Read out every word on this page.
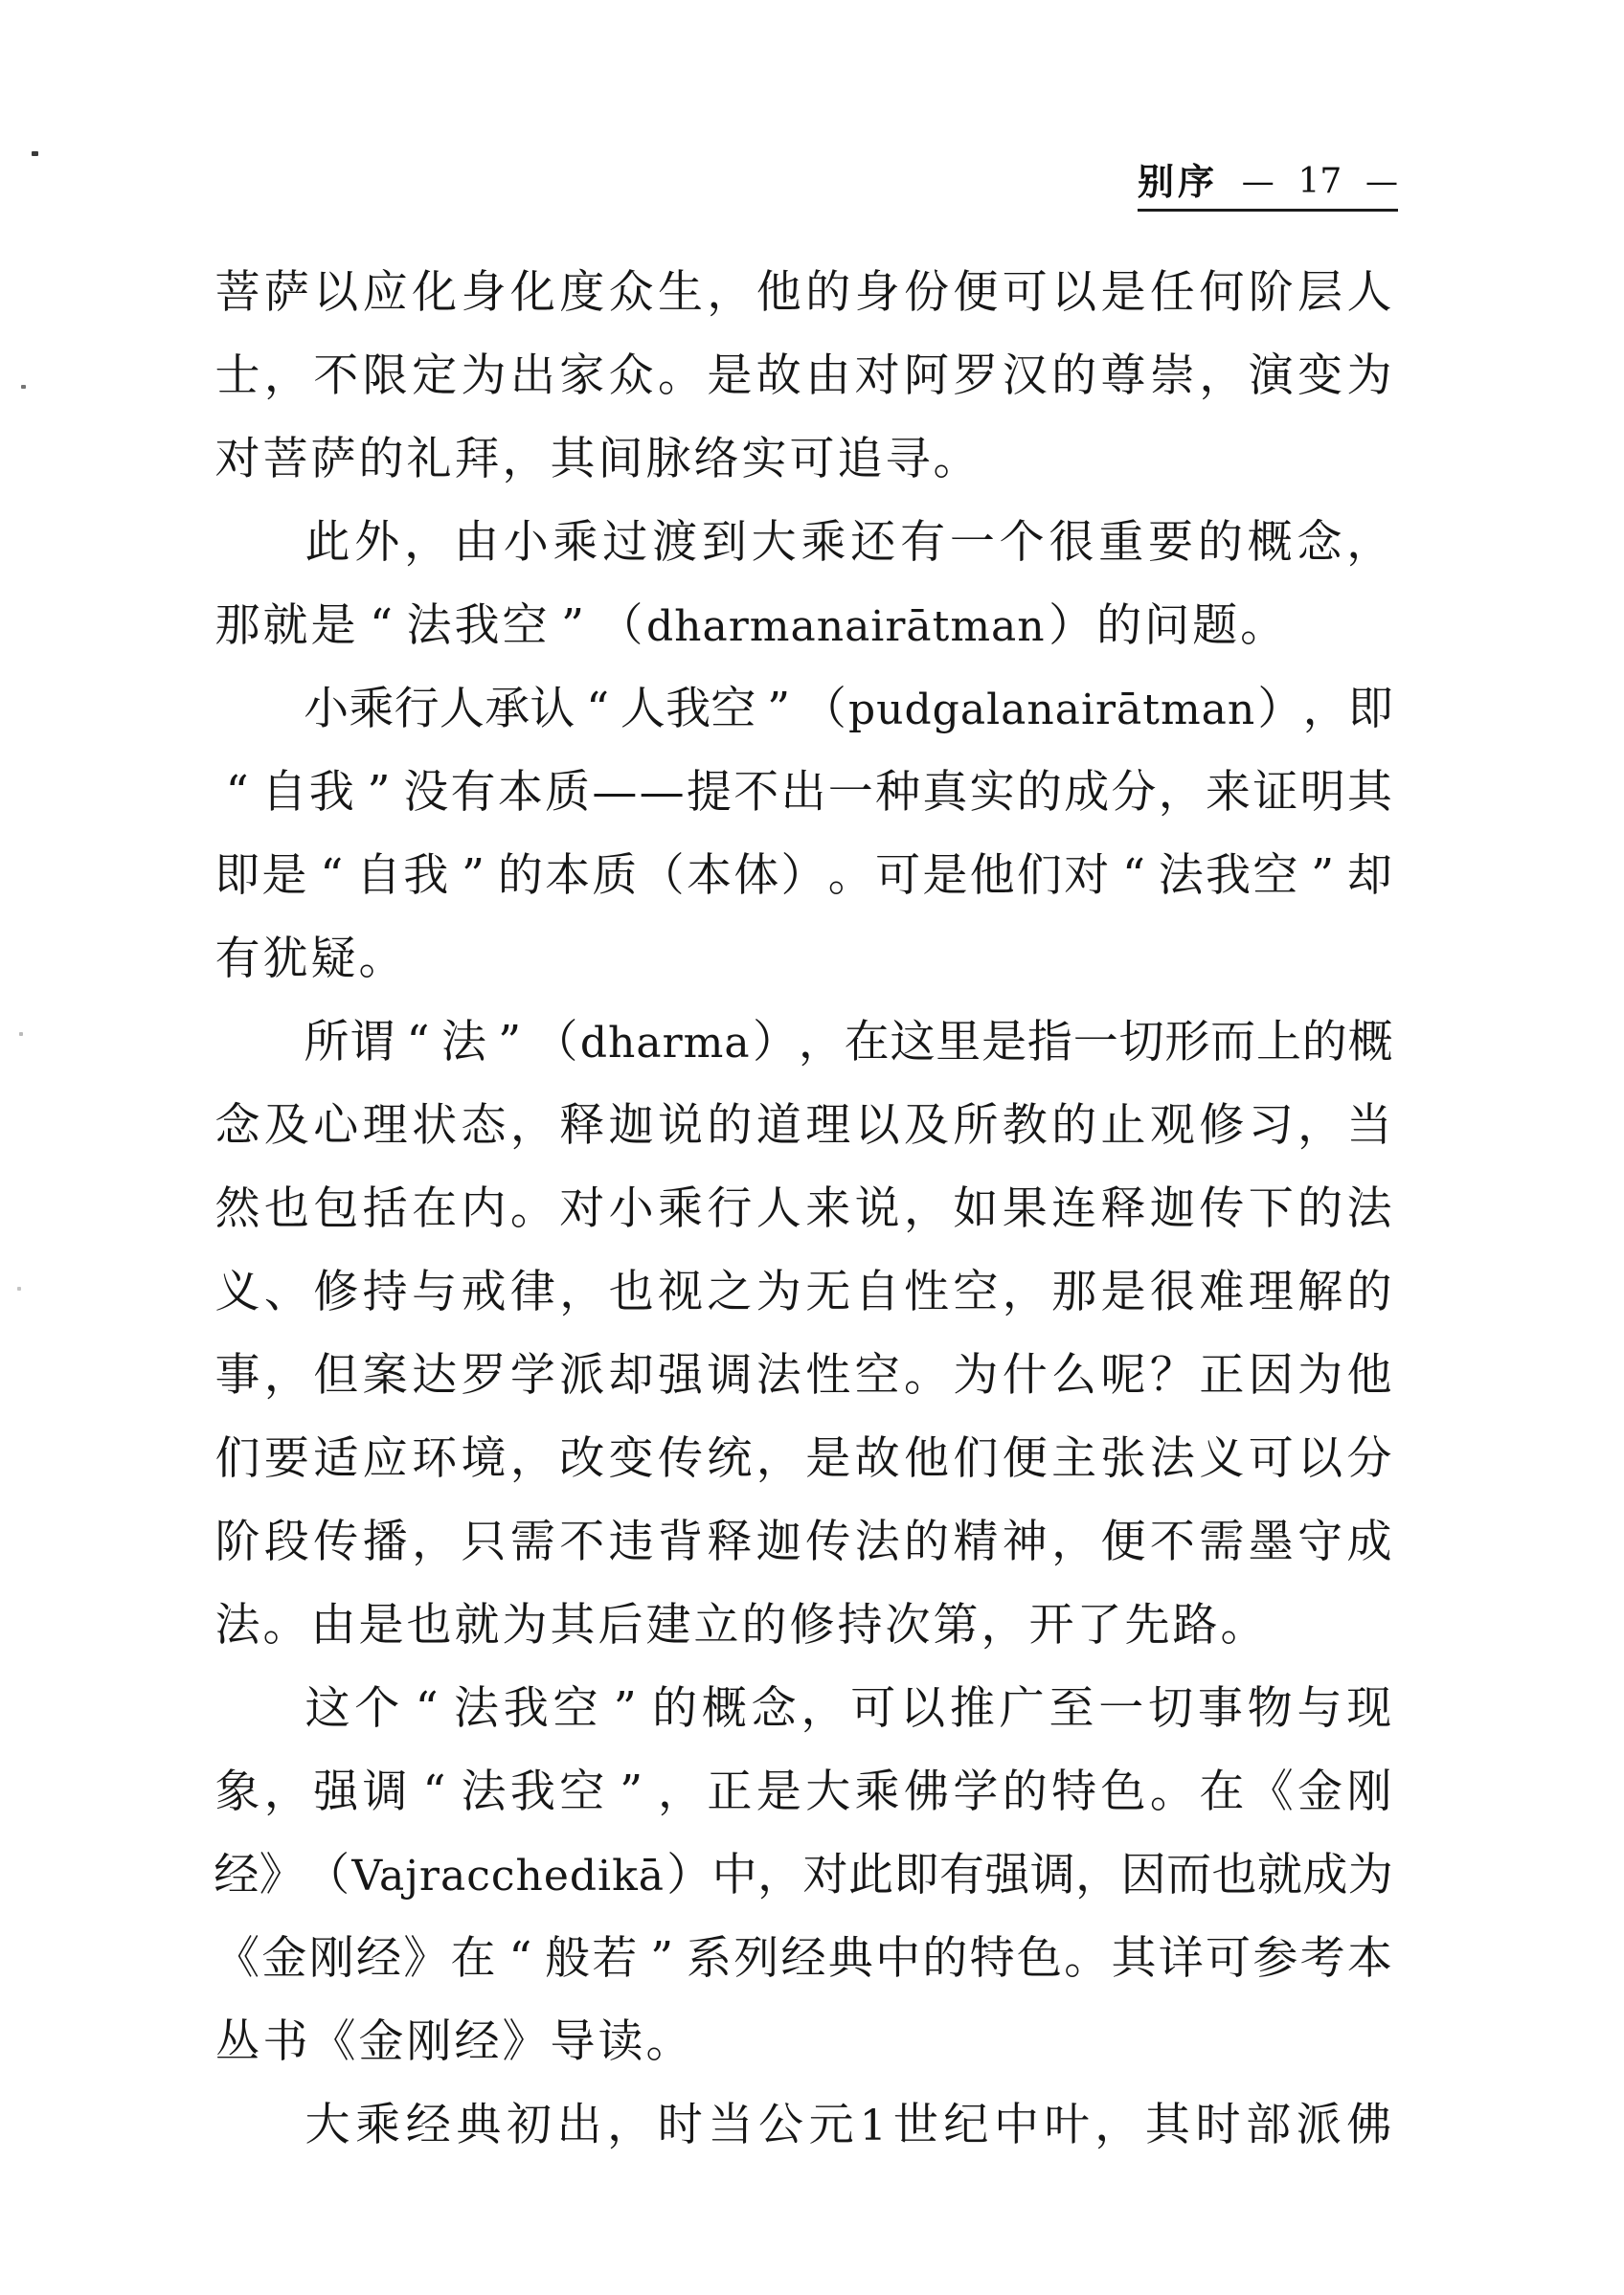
别序 — 17 —
菩 萨 以 应 化 身 化 度 众 生 ， 他 的 身 份 便 可 以 是 任 何 阶 层 人
士 ， 不 限 定 为 出 家 众 。 是 故 由 对 阿 罗 汉 的 尊 崇 ， 演 变 为
对 菩 萨 的 礼 拜 ， 其 间 脉 络 实 可 追 寻 。
此 外 ， 由 小 乘 过 渡 到 大 乘 还 有 一 个 很 重 要 的 概 念 ，
那 就 是 “ 法 我 空 ” （ dharmanairātman ） 的 问 题 。
小 乘 行 人 承 认 “ 人 我 空 ” （ pudgalanairātman ） ， 即
“ 自 我 ” 没 有 本 质 — — 提 不 出 一 种 真 实 的 成 分 ， 来 证 明 其
即 是 “ 自 我 ” 的 本 质 （ 本 体 ） 。 可 是 他 们 对 “ 法 我 空 ” 却
有 犹 疑 。
所 谓 “ 法 ” （ dharma ） ， 在 这 里 是 指 一 切 形 而 上 的 概
念 及 心 理 状 态 ， 释 迦 说 的 道 理 以 及 所 教 的 止 观 修 习 ， 当
然 也 包 括 在 内 。 对 小 乘 行 人 来 说 ， 如 果 连 释 迦 传 下 的 法
义 、 修 持 与 戒 律 ， 也 视 之 为 无 自 性 空 ， 那 是 很 难 理 解 的
事 ， 但 案 达 罗 学 派 却 强 调 法 性 空 。 为 什 么 呢 ？ 正 因 为 他
们 要 适 应 环 境 ， 改 变 传 统 ， 是 故 他 们 便 主 张 法 义 可 以 分
阶 段 传 播 ， 只 需 不 违 背 释 迦 传 法 的 精 神 ， 便 不 需 墨 守 成
法 。 由 是 也 就 为 其 后 建 立 的 修 持 次 第 ， 开 了 先 路 。
这 个 “ 法 我 空 ” 的 概 念 ， 可 以 推 广 至 一 切 事 物 与 现
象 ， 强 调 “ 法 我 空 ” ， 正 是 大 乘 佛 学 的 特 色 。 在 《 金 刚
经 》 （ Vajracchedikā ） 中 ， 对 此 即 有 强 调 ， 因 而 也 就 成 为
《 金 刚 经 》 在 “ 般 若 ” 系 列 经 典 中 的 特 色 。 其 详 可 参 考 本
丛 书 《 金 刚 经 》 导 读 。
大 乘 经 典 初 出 ， 时 当 公 元 1 世 纪 中 叶 ， 其 时 部 派 佛
